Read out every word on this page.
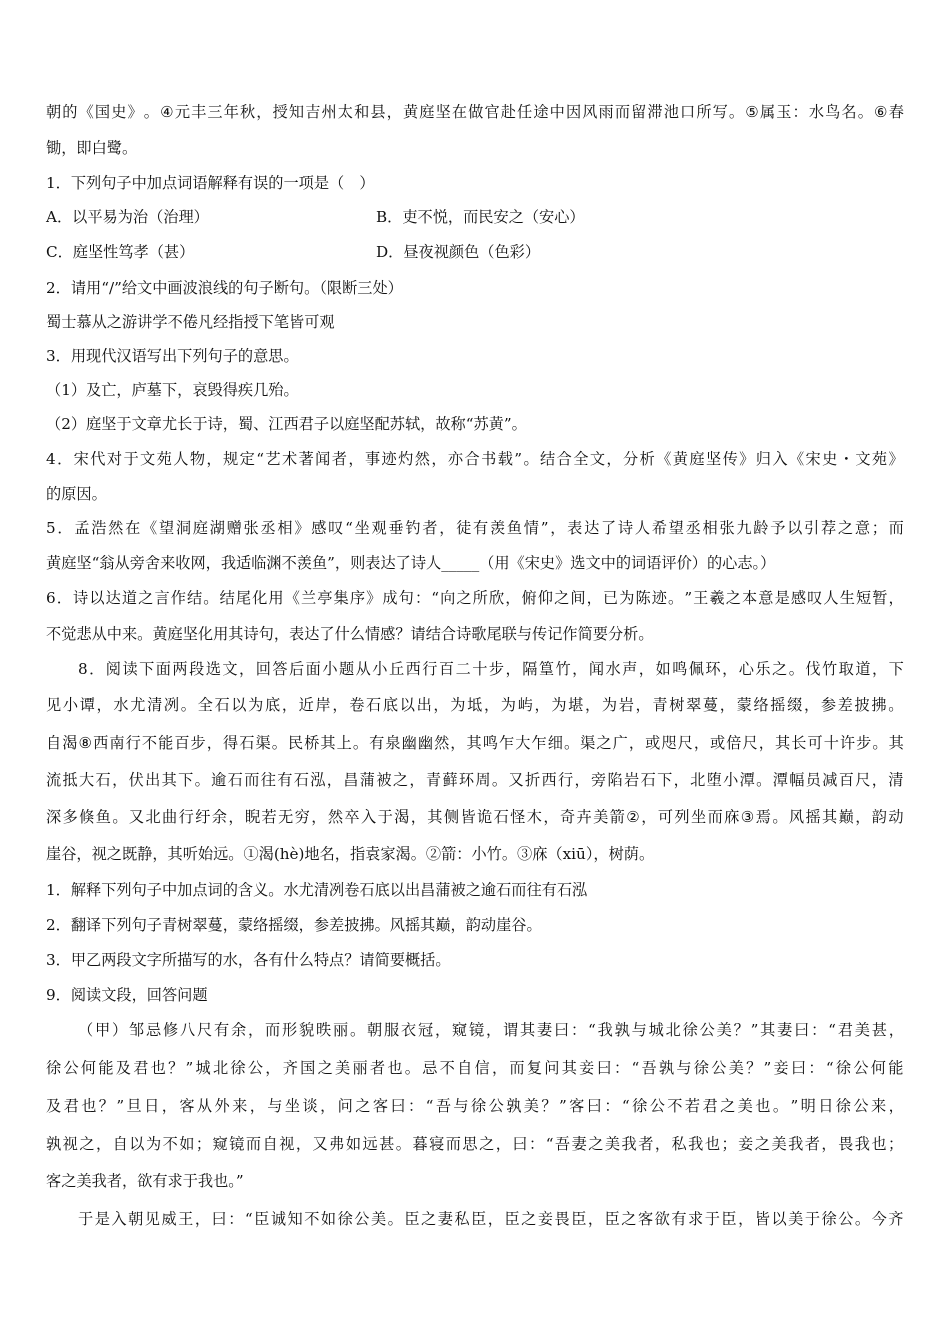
朝 的 《 国 史 》 。 ④ 元 丰 三 年 秋 ， 授 知 吉 州 太 和 县 ， 黄 庭 坚 在 做 官 赴 任 途 中 因 风 雨 而 留 滞 池 口 所 写 。 ⑤ 属 玉 ： 水 鸟 名 。 ⑥ 春
锄，即白鹭。
1．下列句子中加点词语解释有误的一项是（　）
A．以平易为治（治理）	B．吏不悦，而民安之（安心）
C．庭坚性笃孝（甚）	D．昼夜视颜色（色彩）
2．请用“/”给文中画波浪线的句子断句。（限断三处）
蜀士慕从之游讲学不倦凡经指授下笔皆可观
3．用现代汉语写出下列句子的意思。
（1）及亡，庐墓下，哀毁得疾几殆。
（2）庭坚于文章尤长于诗，蜀、江西君子以庭坚配苏轼，故称“苏黄”。
4 ． 宋 代 对 于 文 苑 人 物 ， 规 定 “ 艺 术 著 闻 者 ， 事 迹 灼 然 ， 亦 合 书 载 ” 。 结 合 全 文 ， 分 析 《 黄 庭 坚 传 》 归 入 《 宋 史 ・ 文 苑 》
的原因。
5 ． 孟 浩 然 在 《 望 洞 庭 湖 赠 张 丞 相 》 感 叹 “ 坐 观 垂 钓 者 ， 徒 有 羡 鱼 情 ” ， 表 达 了 诗 人 希 望 丞 相 张 九 龄 予 以 引 荐 之 意 ； 而
黄庭坚“翁从旁舍来收网，我适临渊不羡鱼”，则表达了诗人_____（用《宋史》选文中的词语评价）的心志。）
6 ． 诗 以 达 道 之 言 作 结 。 结 尾 化 用 《 兰 亭 集 序 》 成 句 ： “ 向 之 所 欣 ， 俯 仰 之 间 ， 已 为 陈 迹 。 ” 王 羲 之 本 意 是 感 叹 人 生 短 暂 ，
不觉悲从中来。黄庭坚化用其诗句，表达了什么情感？请结合诗歌尾联与传记作简要分析。
8 ． 阅 读 下 面 两 段 选 文 ， 回 答 后 面 小 题 从 小 丘 西 行 百 二 十 步 ， 隔 篁 竹 ， 闻 水 声 ， 如 鸣 佩 环 ， 心 乐 之 。 伐 竹 取 道 ， 下
见 小 谭 ， 水 尤 清 冽 。 全 石 以 为 底 ， 近 岸 ， 卷 石 底 以 出 ， 为 坻 ， 为 屿 ， 为 堪 ， 为 岩 ， 青 树 翠 蔓 ， 蒙 络 摇 缀 ， 参 差 披 拂 。
自 渴 ⑧ 西 南 行 不 能 百 步 ， 得 石 渠 。 民 桥 其 上 。 有 泉 幽 幽 然 ， 其 鸣 乍 大 乍 细 。 渠 之 广 ， 或 咫 尺 ， 或 倍 尺 ， 其 长 可 十 许 步 。 其
流 抵 大 石 ， 伏 出 其 下 。 逾 石 而 往 有 石 泓 ， 昌 蒲 被 之 ， 青 藓 环 周 。 又 折 西 行 ， 旁 陷 岩 石 下 ， 北 堕 小 潭 。 潭 幅 员 减 百 尺 ， 清
深 多 倏 鱼 。 又 北 曲 行 纡 余 ， 睨 若 无 穷 ， 然 卒 入 于 渴 ， 其 侧 皆 诡 石 怪 木 ， 奇 卉 美 箭 ② ， 可 列 坐 而 庥 ③ 焉 。 风 摇 其 巅 ， 韵 动
崖谷，视之既静，其听始远。①渴(hè)地名，指袁家渴。②箭：小竹。③庥（xiū），树荫。
1．解释下列句子中加点词的含义。水尤清冽卷石底以出昌蒲被之逾石而往有石泓
2．翻译下列句子青树翠蔓，蒙络摇缀，参差披拂。风摇其巅，韵动崖谷。
3．甲乙两段文字所描写的水，各有什么特点？请简要概括。
9．阅读文段，回答问题
（ 甲 ） 邹 忌 修 八 尺 有 余 ， 而 形 貌 昳 丽 。 朝 服 衣 冠 ， 窥 镜 ， 谓 其 妻 曰 ： “ 我 孰 与 城 北 徐 公 美 ？ ” 其 妻 曰 ： “ 君 美 甚 ，
徐 公 何 能 及 君 也 ？ ” 城 北 徐 公 ， 齐 国 之 美 丽 者 也 。 忌 不 自 信 ， 而 复 问 其 妾 曰 ： “ 吾 孰 与 徐 公 美 ？ ” 妾 曰 ： “ 徐 公 何 能
及 君 也 ？ ” 旦 日 ， 客 从 外 来 ， 与 坐 谈 ， 问 之 客 曰 ： “ 吾 与 徐 公 孰 美 ？ ” 客 曰 ： “ 徐 公 不 若 君 之 美 也 。 ” 明 日 徐 公 来 ，
孰 视 之 ， 自 以 为 不 如 ； 窥 镜 而 自 视 ， 又 弗 如 远 甚 。 暮 寝 而 思 之 ， 曰 ： “ 吾 妻 之 美 我 者 ， 私 我 也 ； 妾 之 美 我 者 ， 畏 我 也 ；
客之美我者，欲有求于我也。”
于 是 入 朝 见 威 王 ， 曰 ： “ 臣 诚 知 不 如 徐 公 美 。 臣 之 妻 私 臣 ， 臣 之 妾 畏 臣 ， 臣 之 客 欲 有 求 于 臣 ， 皆 以 美 于 徐 公 。 今 齐
